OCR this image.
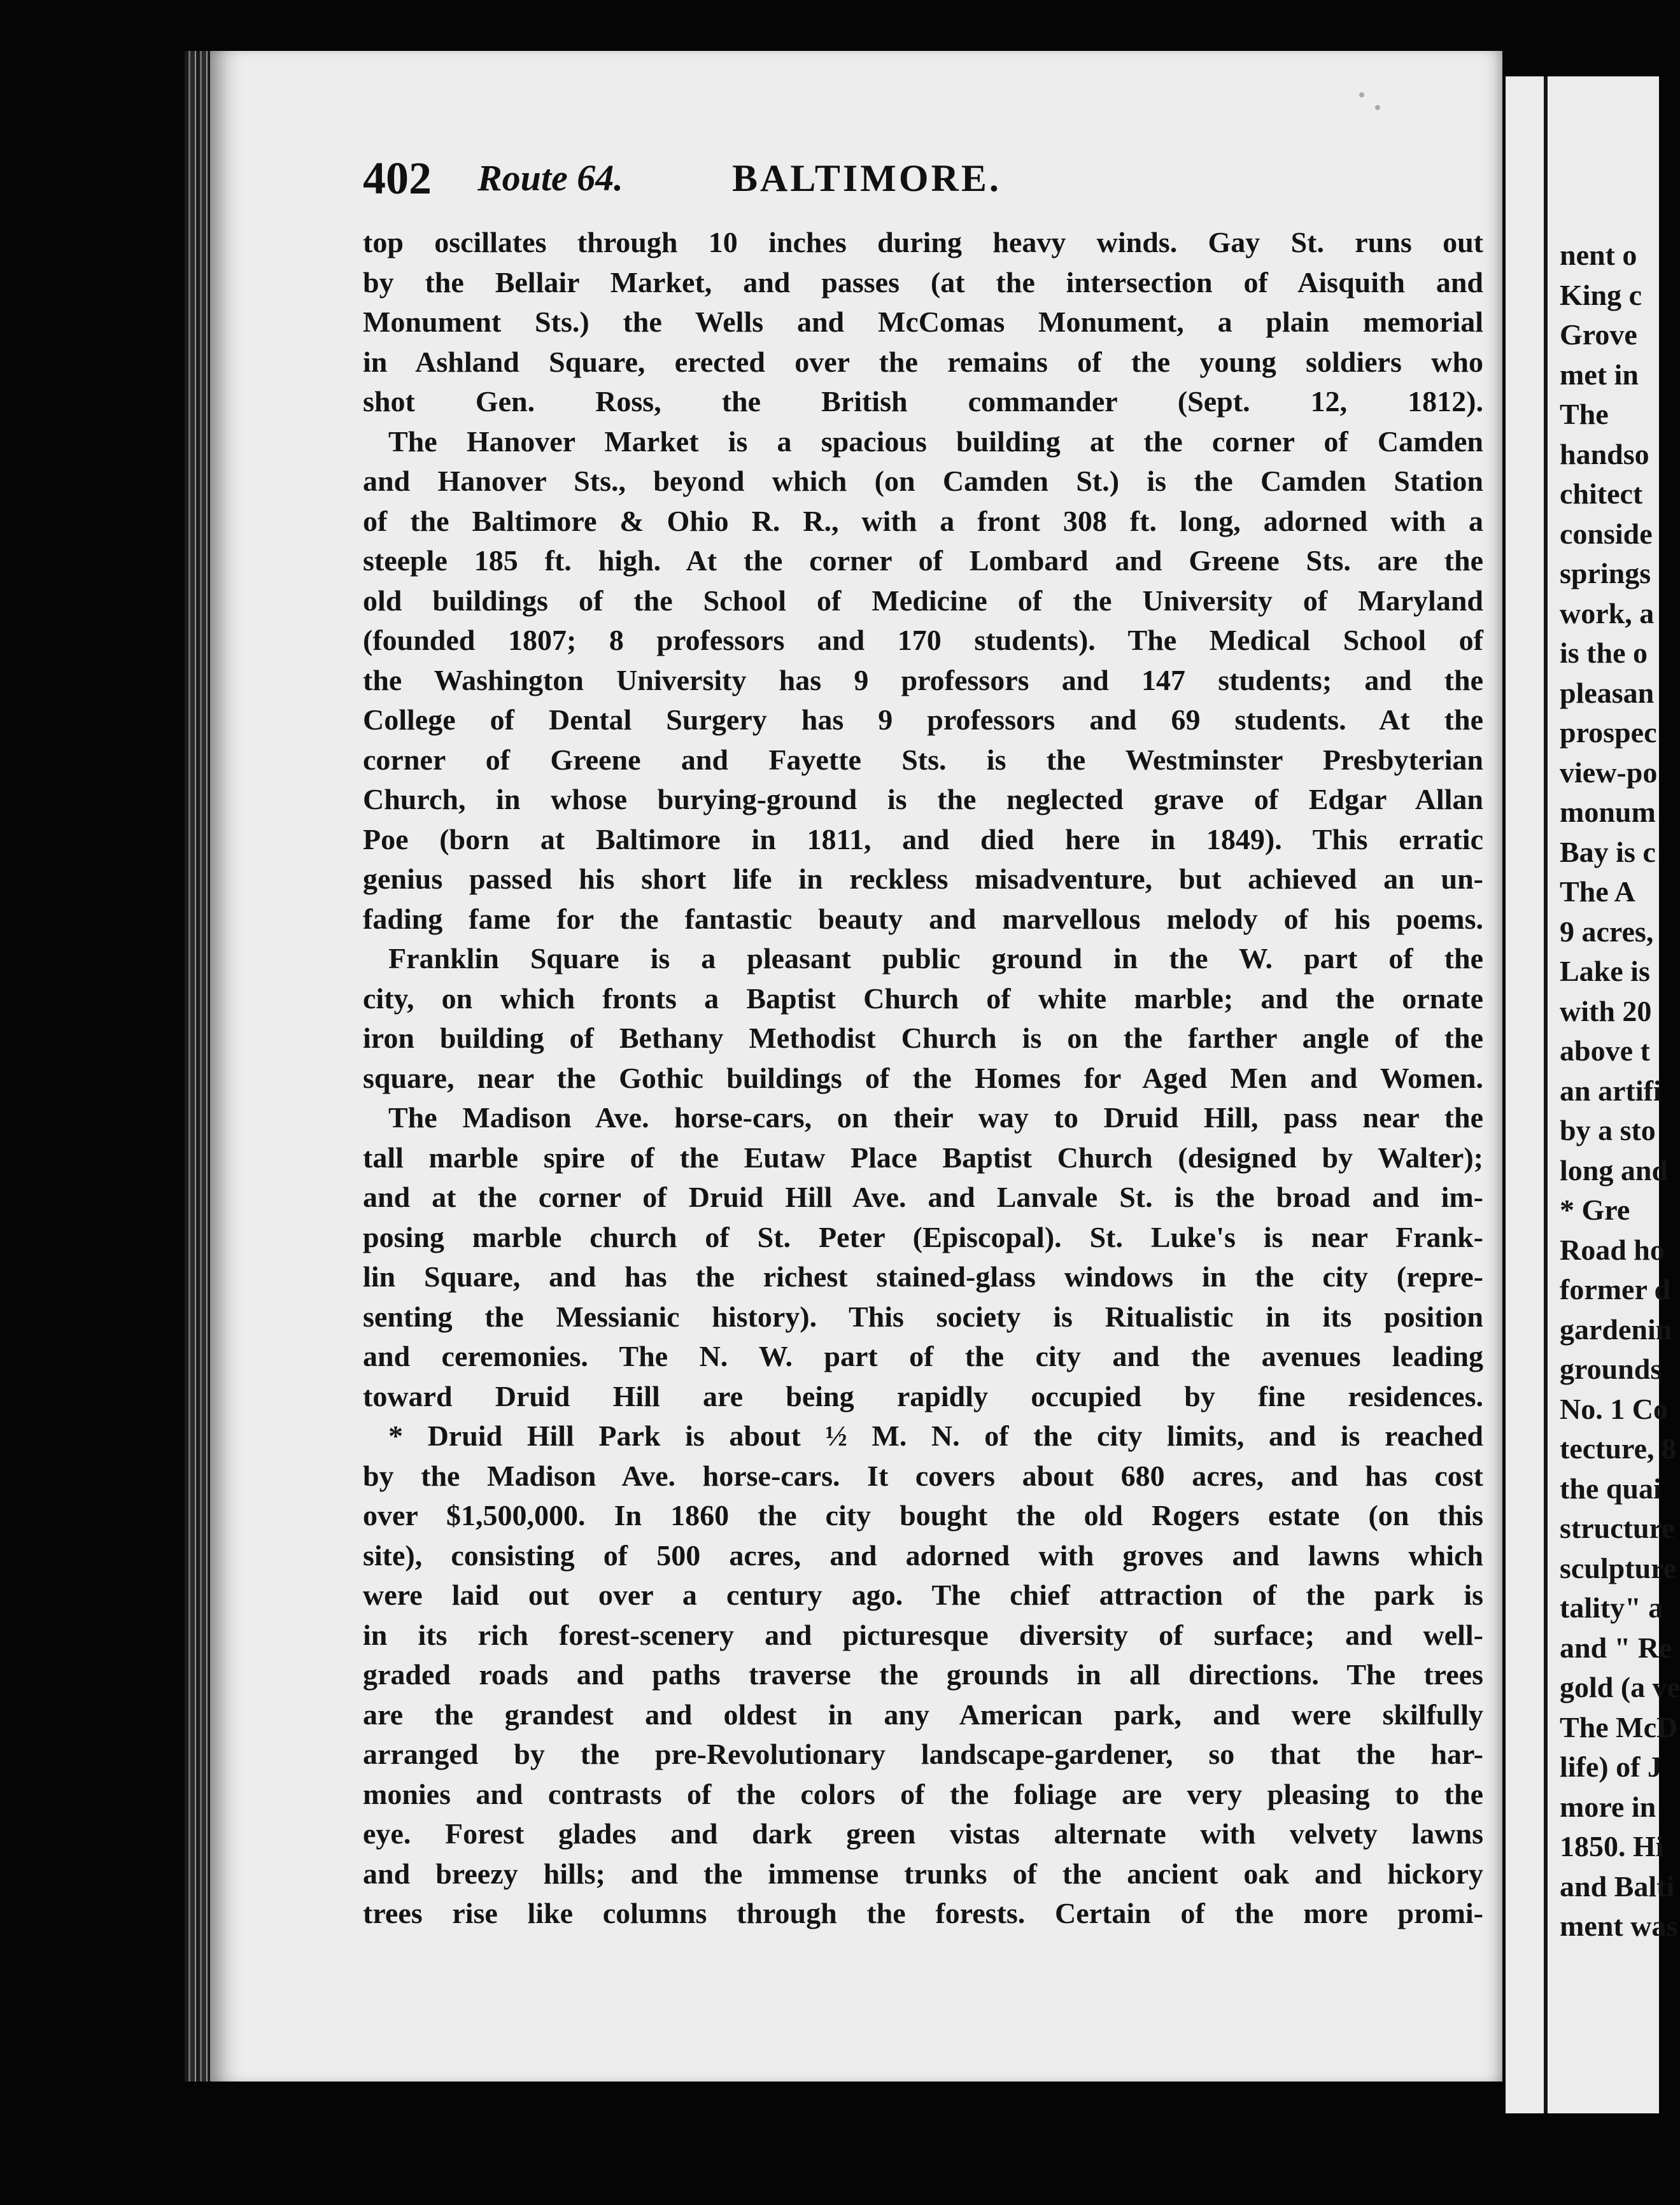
402 Route 64.	BALTIMORE.
top oscillates through 10 inches during heavy winds. Gay St. runs out
by the Bellair Market, and passes (at the intersection of Aisquith and
Monument Sts.) the Wells and McComas Monument, a plain memorial
in Ashland Square, erected over the remains of the young soldiers who
shot Gen. Ross, the British commander (Sept. 12, 1812).
The Hanover Market is a spacious building at the corner of Camden
and Hanover Sts., beyond which (on Camden St.) is the Camden Station
of the Baltimore & Ohio R. R., with a front 308 ft. long, adorned with a
steeple 185 ft. high. At the corner of Lombard and Greene Sts. are the
old buildings of the School of Medicine of the University of Maryland
(founded 1807; 8 professors and 170 students). The Medical School of
the Washington University has 9 professors and 147 students; and the
College of Dental Surgery has 9 professors and 69 students. At the
corner of Greene and Fayette Sts. is the Westminster Presbyterian
Church, in whose burying-ground is the neglected grave of Edgar Allan
Poe (born at Baltimore in 1811, and died here in 1849). This erratic
genius passed his short life in reckless misadventure, but achieved an un-
fading fame for the fantastic beauty and marvellous melody of his poems.
Franklin Square is a pleasant public ground in the W. part of the
city, on which fronts a Baptist Church of white marble; and the ornate
iron building of Bethany Methodist Church is on the farther angle of the
square, near the Gothic buildings of the Homes for Aged Men and Women.
The Madison Ave. horse-cars, on their way to Druid Hill, pass near the
tall marble spire of the Eutaw Place Baptist Church (designed by Walter);
and at the corner of Druid Hill Ave. and Lanvale St. is the broad and im-
posing marble church of St. Peter (Episcopal). St. Luke's is near Frank-
lin Square, and has the richest stained-glass windows in the city (repre-
senting the Messianic history). This society is Ritualistic in its position
and ceremonies. The N. W. part of the city and the avenues leading
toward Druid Hill are being rapidly occupied by fine residences.
* Druid Hill Park is about ½ M. N. of the city limits, and is reached
by the Madison Ave. horse-cars. It covers about 680 acres, and has cost
over $1,500,000. In 1860 the city bought the old Rogers estate (on this
site), consisting of 500 acres, and adorned with groves and lawns which
were laid out over a century ago. The chief attraction of the park is
in its rich forest-scenery and picturesque diversity of surface; and well-
graded roads and paths traverse the grounds in all directions. The trees
are the grandest and oldest in any American park, and were skilfully
arranged by the pre-Revolutionary landscape-gardener, so that the har-
monies and contrasts of the colors of the foliage are very pleasing to the
eye. Forest glades and dark green vistas alternate with velvety lawns
and breezy hills; and the immense trunks of the ancient oak and hickory
trees rise like columns through the forests. Certain of the more promi-
nent o
King c
Grove
met in
The
handso
chitect
conside
springs
work, a
is the o
pleasan
prospec
view-po
monum
Bay is c
The A
9 acres,
Lake is
with 20
above t
an artifi
by a sto
long and
* Gre
Road ho
former d
gardenin
grounds
No. 1 Co
tecture, 8
the quai
structure
sculpture
tality" a
and " Re
gold (a ve
The McD
life) of J
more in
1850. Hi
and Balti
ment was
